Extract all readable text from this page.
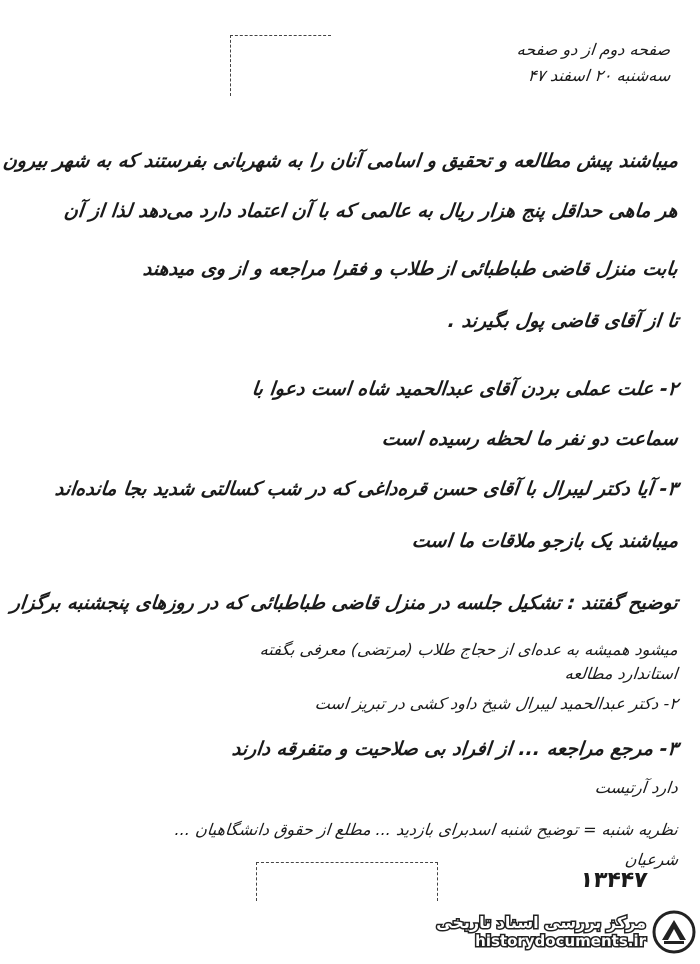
صفحه دوم از دو صفحه
سه‌شنبه ۲۰ اسفند ۴۷
میباشند پیش مطالعه و تحقیق و اسامی آنان را به شهربانی بفرستند که به شهر بیرون
هر ماهی حداقل پنج هزار ریال به عالمی که با آن اعتماد دارد می‌دهد لذا از آن
بابت منزل قاضی طباطبائی از طلاب و فقرا مراجعه و از وی میدهند
تا از آقای قاضی پول بگیرند .
۲- علت عملی بردن آقای عبدالحمید شاه است دعوا با
سماعت دو نفر ما لحظه رسیده است
۳- آیا دکتر لیبرال با آقای حسن قره‌داغی که در شب کسالتی شدید بجا مانده‌اند
میباشند یک بازجو ملاقات ما است
توضیح گفتند : تشکیل جلسه در منزل قاضی طباطبائی که در روزهای پنجشنبه برگزار
میشود همیشه به عده‌ای از حجاج طلاب (مرتضی) معرفی بگفته
استاندارد مطالعه
۲- دکتر عبدالحمید لیبرال شیخ داود کشی در تبریز است
۳- مرجع مراجعه ... از افراد بی صلاحیت و متفرقه دارند
دارد آرتیست
نظریه شنبه = توضیح شنبه اسدبرای بازدید ... مطلع از حقوق دانشگاهیان ...
شرعیان
۱۳۴۴۷
مرکز بررسی اسناد تاریخی
historydocuments.ir
